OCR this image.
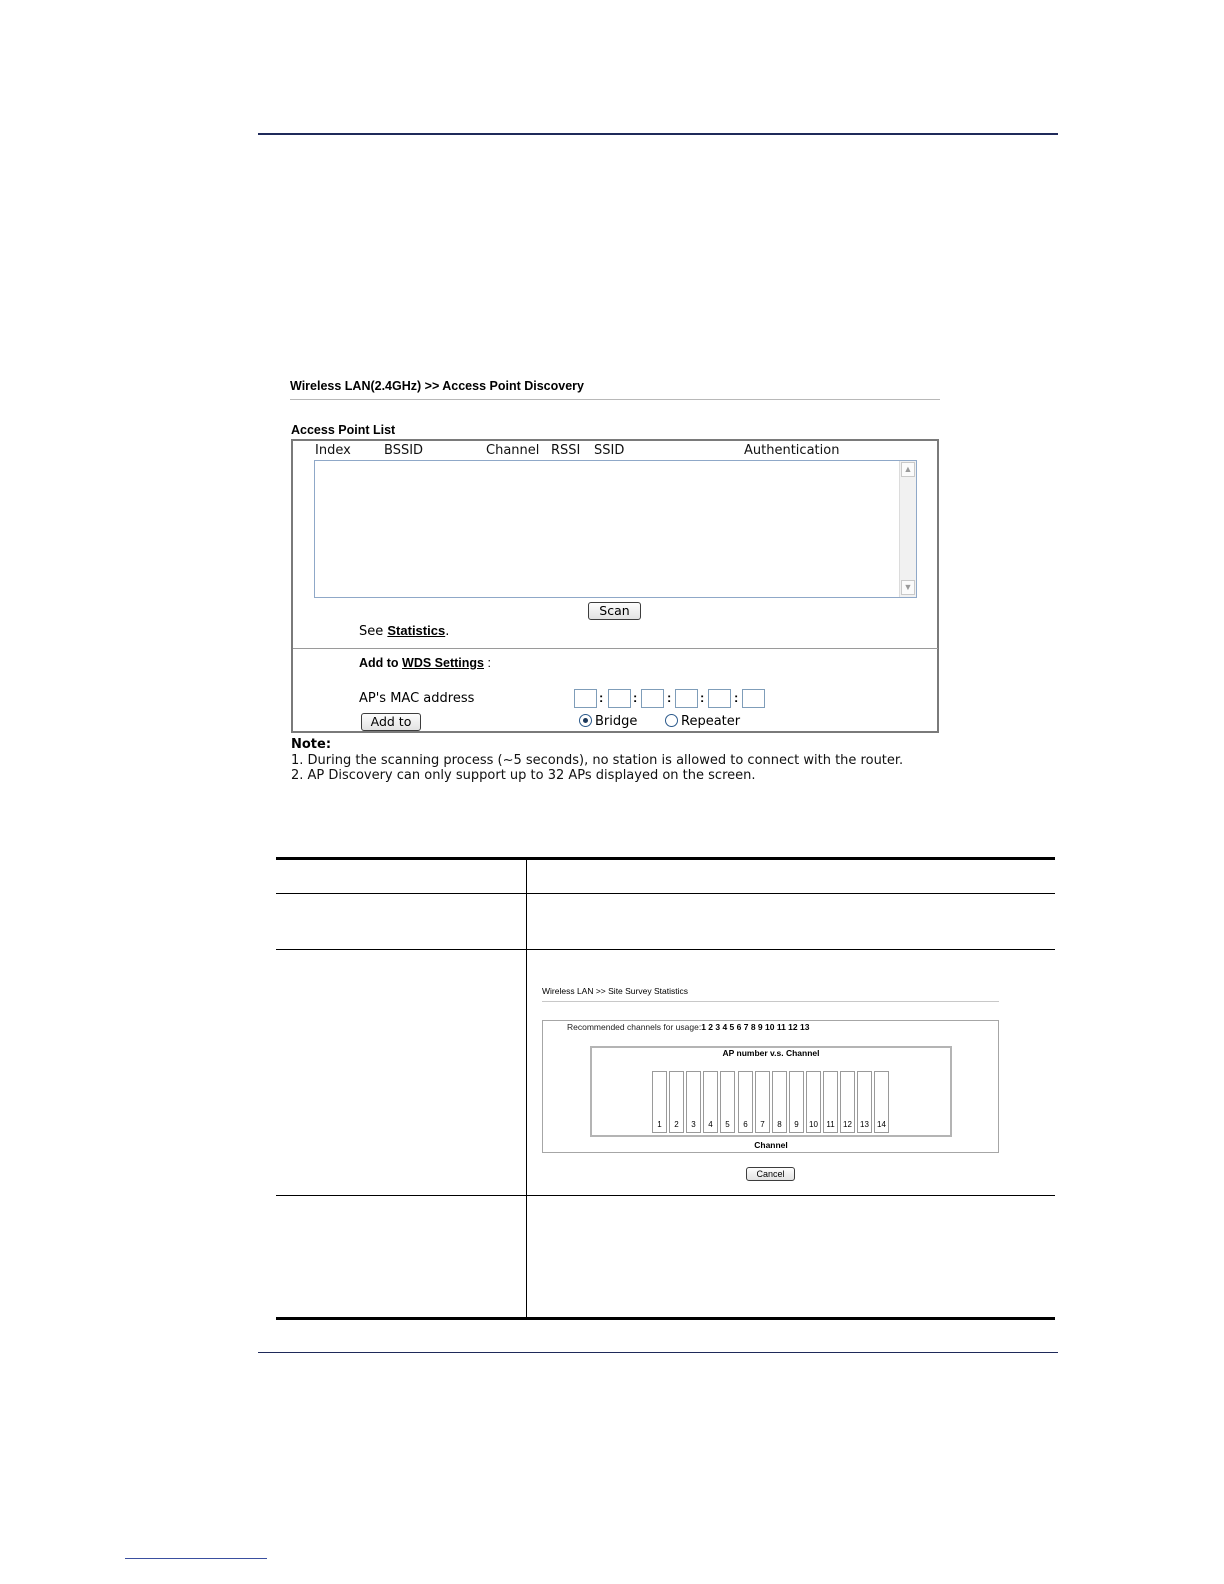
Wireless LAN(2.4GHz) >> Access Point Discovery
Access Point List
Index	BSSID	Channel RSSI SSID	Authentication
▲
▼
Scan
See Statistics.
Add to WDS Settings :
AP's MAC address	: : : : :
Add to	Bridge	Repeater
Note:
1. During the scanning process (~5 seconds), no station is allowed to connect with the router.
2. AP Discovery can only support up to 32 APs displayed on the screen.
Wireless LAN >> Site Survey Statistics
Recommended channels for usage:1 2 3 4 5 6 7 8 9 10 11 12 13
AP number v.s. Channel
1	2	3	4	5	6	7	8	9	10	11	12	13	14
Channel
Cancel
